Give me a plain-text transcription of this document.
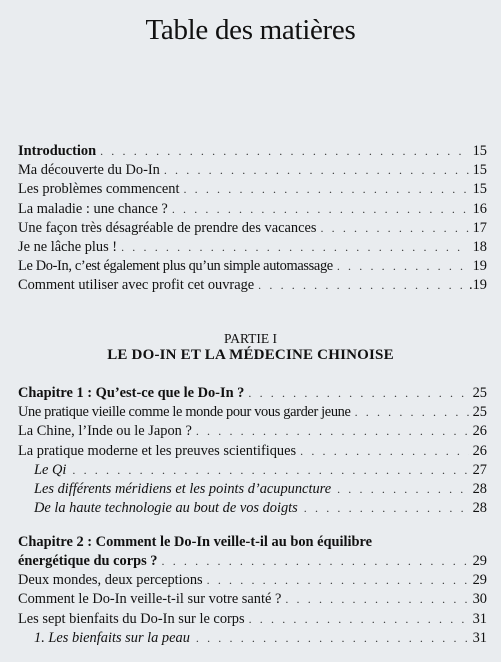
Table des matières
Introduction . . .	15
Ma découverte du Do-In . . .	15
Les problèmes commencent . . .	15
La maladie : une chance ? . . .	16
Une façon très désagréable de prendre des vacances . . .	17
Je ne lâche plus ! . . .	18
Le Do-In, c’est également plus qu’un simple automassage . . .	19
Comment utiliser avec profit cet ouvrage . . .	.19
PARTIE I
LE DO-IN ET LA MÉDECINE CHINOISE
Chapitre 1 : Qu’est-ce que le Do-In ? . . .	25
Une pratique vieille comme le monde pour vous garder jeune . . .	25
La Chine, l’Inde ou le Japon ? . . .	26
La pratique moderne et les preuves scientifiques . . .	26
Le Qi . . .	27
Les différents méridiens et les points d’acupuncture . . .	28
De la haute technologie au bout de vos doigts . . .	28
Chapitre 2 : Comment le Do-In veille-t-il au bon équilibre
énergétique du corps ? . . .	29
Deux mondes, deux perceptions . . .	29
Comment le Do-In veille-t-il sur votre santé ? . . .	30
Les sept bienfaits du Do-In sur le corps . . .	31
1. Les bienfaits sur la peau . . .	31
